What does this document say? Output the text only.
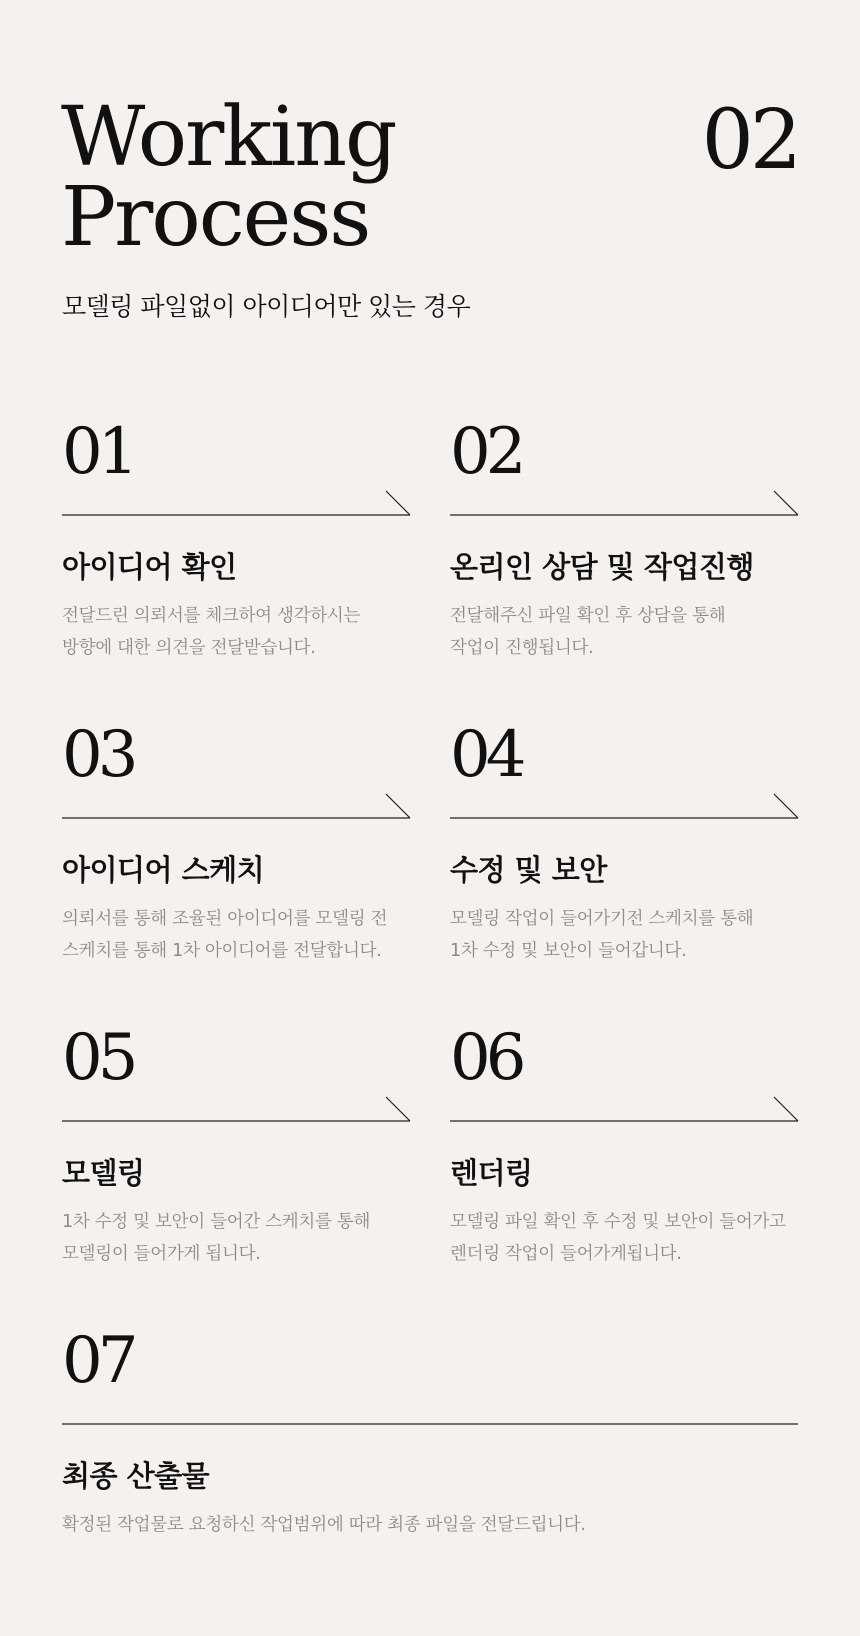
Working
Process
02
모델링 파일없이 아이디어만 있는 경우
01
아이디어 확인
전달드린 의뢰서를 체크하여 생각하시는
방향에 대한 의견을 전달받습니다.
02
온리인 상담 및 작업진행
전달해주신 파일 확인 후 상담을 통해
작업이 진행됩니다.
03
아이디어 스케치
의뢰서를 통해 조율된 아이디어를 모델링 전
스케치를 통해 1차 아이디어를 전달합니다.
04
수정 및 보안
모델링 작업이 들어가기전 스케치를 통해
1차 수정 및 보안이 들어갑니다.
05
모델링
1차 수정 및 보안이 들어간 스케치를 통해
모델링이 들어가게 됩니다.
06
렌더링
모델링 파일 확인 후 수정 및 보안이 들어가고
렌더링 작업이 들어가게됩니다.
07
최종 산출물
확정된 작업물로 요청하신 작업범위에 따라 최종 파일을 전달드립니다.
